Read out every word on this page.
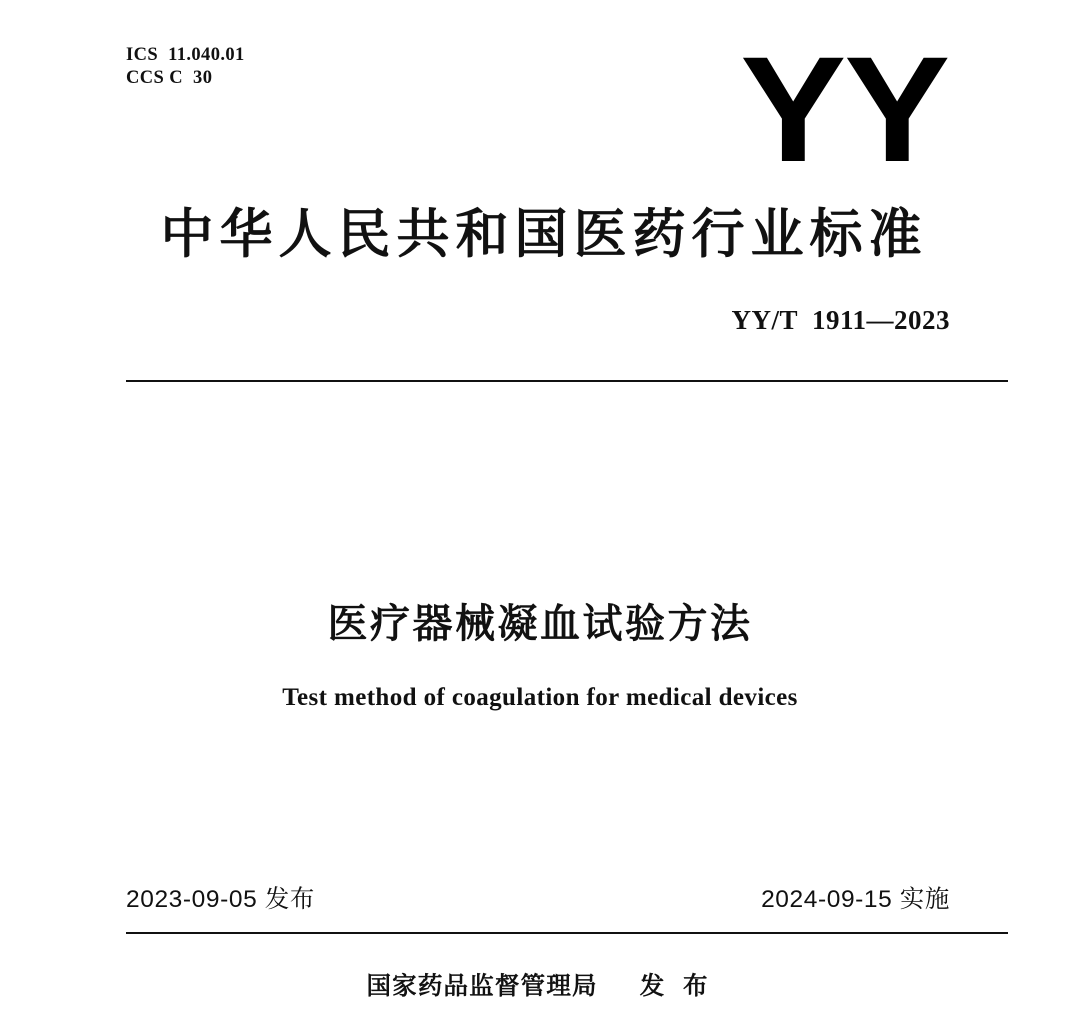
ICS  11.040.01
CCS C  30	YY
中华人民共和国医药行业标准
YY/T  1911—2023
医疗器械凝血试验方法
Test method of coagulation for medical devices
2023-09-05 发布	2024-09-15 实施
国家药品监督管理局 发 布
